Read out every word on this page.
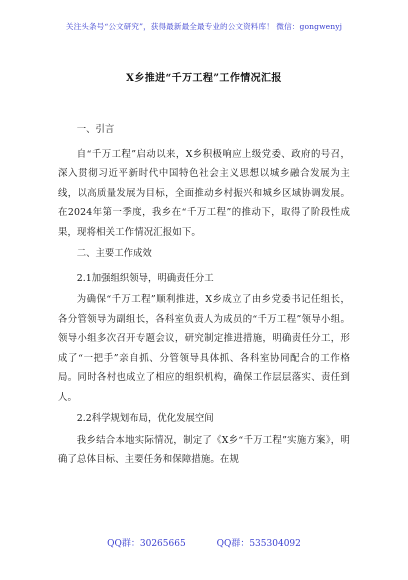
关注头条号“公文研究”，获得最新最全最专业的公文资料库！ 微信：gongwenyj
X乡推进“千万工程”工作情况汇报

一、引言

自“千万工程”启动以来，X乡积极响应上级党委、政府的号召，深入贯彻习近平新时代中国特色社会主义思想以城乡融合发展为主线，以高质量发展为目标，全面推动乡村振兴和城乡区域协调发展。在2024年第一季度，我乡在“千万工程”的推动下，取得了阶段性成果，现将相关工作情况汇报如下。

二、主要工作成效

2.1加强组织领导，明确责任分工

为确保“千万工程”顺利推进，X乡成立了由乡党委书记任组长，各分管领导为副组长，各科室负责人为成员的“千万工程”领导小组。领导小组多次召开专题会议，研究制定推进措施，明确责任分工，形成了“一把手”亲自抓、分管领导具体抓、各科室协同配合的工作格局。同时各村也成立了相应的组织机构，确保工作层层落实、责任到人。

2.2科学规划布局，优化发展空间

我乡结合本地实际情况，制定了《X乡“千万工程”实施方案》，明确了总体目标、主要任务和保障措施。在规

QQ群：30265665	QQ群：535304092
